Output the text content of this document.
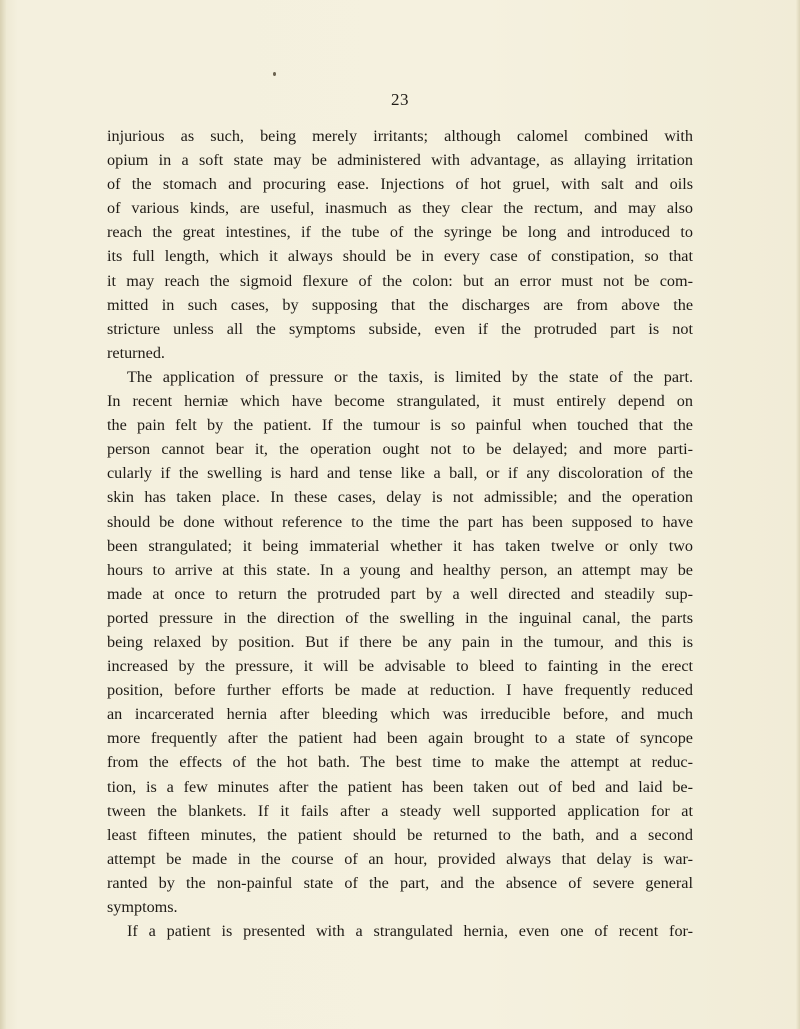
23
injurious as such, being merely irritants; although calomel combined with
opium in a soft state may be administered with advantage, as allaying irritation
of the stomach and procuring ease. Injections of hot gruel, with salt and oils
of various kinds, are useful, inasmuch as they clear the rectum, and may also
reach the great intestines, if the tube of the syringe be long and introduced to
its full length, which it always should be in every case of constipation, so that
it may reach the sigmoid flexure of the colon: but an error must not be com-
mitted in such cases, by supposing that the discharges are from above the
stricture unless all the symptoms subside, even if the protruded part is not
returned.
The application of pressure or the taxis, is limited by the state of the part.
In recent herniæ which have become strangulated, it must entirely depend on
the pain felt by the patient. If the tumour is so painful when touched that the
person cannot bear it, the operation ought not to be delayed; and more parti-
cularly if the swelling is hard and tense like a ball, or if any discoloration of the
skin has taken place. In these cases, delay is not admissible; and the operation
should be done without reference to the time the part has been supposed to have
been strangulated; it being immaterial whether it has taken twelve or only two
hours to arrive at this state. In a young and healthy person, an attempt may be
made at once to return the protruded part by a well directed and steadily sup-
ported pressure in the direction of the swelling in the inguinal canal, the parts
being relaxed by position. But if there be any pain in the tumour, and this is
increased by the pressure, it will be advisable to bleed to fainting in the erect
position, before further efforts be made at reduction. I have frequently reduced
an incarcerated hernia after bleeding which was irreducible before, and much
more frequently after the patient had been again brought to a state of syncope
from the effects of the hot bath. The best time to make the attempt at reduc-
tion, is a few minutes after the patient has been taken out of bed and laid be-
tween the blankets. If it fails after a steady well supported application for at
least fifteen minutes, the patient should be returned to the bath, and a second
attempt be made in the course of an hour, provided always that delay is war-
ranted by the non-painful state of the part, and the absence of severe general
symptoms.
If a patient is presented with a strangulated hernia, even one of recent for-
